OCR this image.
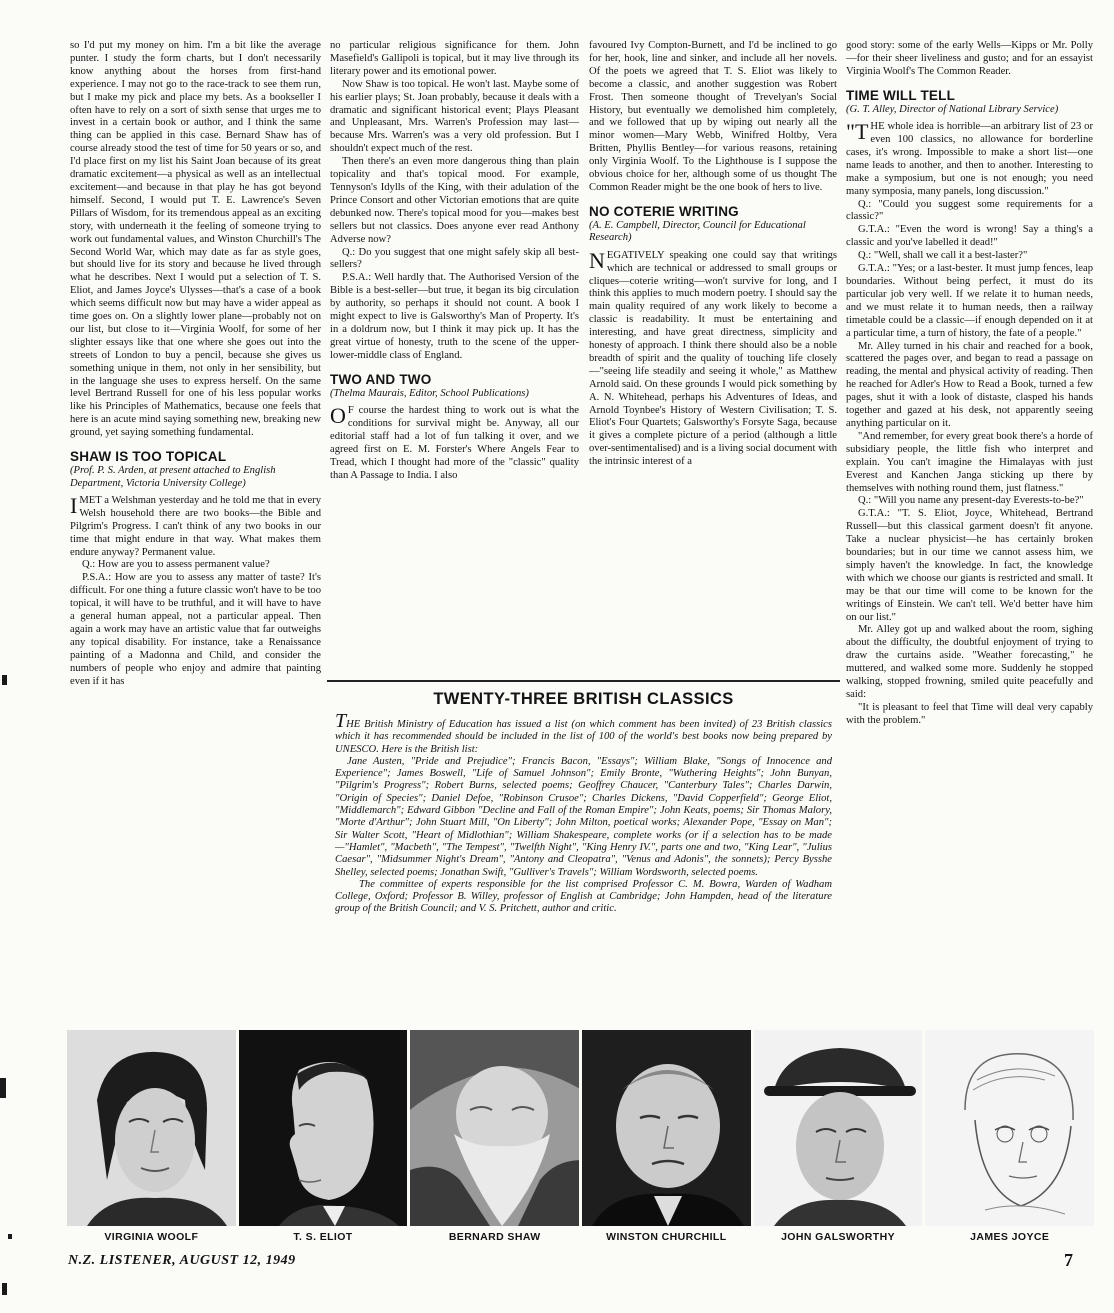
so I'd put my money on him. I'm a bit like the average punter. I study the form charts, but I don't necessarily know anything about the horses from first-hand experience. I may not go to the race-track to see them run, but I make my pick and place my bets. As a bookseller I often have to rely on a sort of sixth sense that urges me to invest in a certain book or author, and I think the same thing can be applied in this case. Bernard Shaw has of course already stood the test of time for 50 years or so, and I'd place first on my list his Saint Joan because of its great dramatic excitement—a physical as well as an intellectual excitement—and because in that play he has got beyond himself. Second, I would put T. E. Lawrence's Seven Pillars of Wisdom, for its tremendous appeal as an exciting story, with underneath it the feeling of someone trying to work out fundamental values, and Winston Churchill's The Second World War, which may date as far as style goes, but should live for its story and because he lived through what he describes. Next I would put a selection of T. S. Eliot, and James Joyce's Ulysses—that's a case of a book which seems difficult now but may have a wider appeal as time goes on. On a slightly lower plane—probably not on our list, but close to it—Virginia Woolf, for some of her slighter essays like that one where she goes out into the streets of London to buy a pencil, because she gives us something unique in them, not only in her sensibility, but in the language she uses to express herself. On the same level Bertrand Russell for one of his less popular works like his Principles of Mathematics, because one feels that here is an acute mind saying something new, breaking new ground, yet saying something fundamental.

SHAW IS TOO TOPICAL
(Prof. P. S. Arden, at present attached to English Department, Victoria University College)

IMET a Welshman yesterday and he told me that in every Welsh household there are two books—the Bible and Pilgrim's Progress. I can't think of any two books in our time that might endure in that way. What makes them endure anyway? Permanent value.

Q.: How are you to assess permanent value?

P.S.A.: How are you to assess any matter of taste? It's difficult. For one thing a future classic won't have to be too topical, it will have to be truthful, and it will have to have a general human appeal, not a particular appeal. Then again a work may have an artistic value that far outweighs any topical disability. For instance, take a Renaissance painting of a Madonna and Child, and consider the numbers of people who enjoy and admire that painting even if it has

no particular religious significance for them. John Masefield's Gallipoli is topical, but it may live through its literary power and its emotional power.

Now Shaw is too topical. He won't last. Maybe some of his earlier plays; St. Joan probably, because it deals with a dramatic and significant historical event; Plays Pleasant and Unpleasant, Mrs. Warren's Profession may last—because Mrs. Warren's was a very old profession. But I shouldn't expect much of the rest.

Then there's an even more dangerous thing than plain topicality and that's topical mood. For example, Tennyson's Idylls of the King, with their adulation of the Prince Consort and other Victorian emotions that are quite debunked now. There's topical mood for you—makes best sellers but not classics. Does anyone ever read Anthony Adverse now?

Q.: Do you suggest that one might safely skip all best-sellers?

P.S.A.: Well hardly that. The Authorised Version of the Bible is a best-seller—but true, it began its big circulation by authority, so perhaps it should not count. A book I might expect to live is Galsworthy's Man of Property. It's in a doldrum now, but I think it may pick up. It has the great virtue of honesty, truth to the scene of the upper-lower-middle class of England.

TWO AND TWO
(Thelma Maurais, Editor, School Publications)

OF course the hardest thing to work out is what the conditions for survival might be. Anyway, all our editorial staff had a lot of fun talking it over, and we agreed first on E. M. Forster's Where Angels Fear to Tread, which I thought had more of the "classic" quality than A Passage to India. I also

favoured Ivy Compton-Burnett, and I'd be inclined to go for her, hook, line and sinker, and include all her novels. Of the poets we agreed that T. S. Eliot was likely to become a classic, and another suggestion was Robert Frost. Then someone thought of Trevelyan's Social History, but eventually we demolished him completely, and we followed that up by wiping out nearly all the minor women—Mary Webb, Winifred Holtby, Vera Britten, Phyllis Bentley—for various reasons, retaining only Virginia Woolf. To the Lighthouse is I suppose the obvious choice for her, although some of us thought The Common Reader might be the one book of hers to live.

NO COTERIE WRITING
(A. E. Campbell, Director, Council for Educational Research)

NEGATIVELY speaking one could say that writings which are technical or addressed to small groups or cliques—coterie writing—won't survive for long, and I think this applies to much modern poetry. I should say the main quality required of any work likely to become a classic is readability. It must be entertaining and interesting, and have great directness, simplicity and honesty of approach. I think there should also be a noble breadth of spirit and the quality of touching life closely—"seeing life steadily and seeing it whole," as Matthew Arnold said. On these grounds I would pick something by A. N. Whitehead, perhaps his Adventures of Ideas, and Arnold Toynbee's History of Western Civilisation; T. S. Eliot's Four Quartets; Galsworthy's Forsyte Saga, because it gives a complete picture of a period (although a little over-sentimentalised) and is a living social document with the intrinsic interest of a

good story: some of the early Wells—Kipps or Mr. Polly—for their sheer liveliness and gusto; and for an essayist Virginia Woolf's The Common Reader.

TIME WILL TELL
(G. T. Alley, Director of National Library Service)

"THE whole idea is horrible—an arbitrary list of 23 or even 100 classics, no allowance for borderline cases, it's wrong. Impossible to make a short list—one name leads to another, and then to another. Interesting to make a symposium, but one is not enough; you need many symposia, many panels, long discussion."

Q.: "Could you suggest some requirements for a classic?"

G.T.A.: "Even the word is wrong! Say a thing's a classic and you've labelled it dead!"

Q.: "Well, shall we call it a best-laster?"

G.T.A.: "Yes; or a last-bester. It must jump fences, leap boundaries. Without being perfect, it must do its particular job very well. If we relate it to human needs, and we must relate it to human needs, then a railway timetable could be a classic—if enough depended on it at a particular time, a turn of history, the fate of a people."

Mr. Alley turned in his chair and reached for a book, scattered the pages over, and began to read a passage on reading, the mental and physical activity of reading. Then he reached for Adler's How to Read a Book, turned a few pages, shut it with a look of distaste, clasped his hands together and gazed at his desk, not apparently seeing anything particular on it.

"And remember, for every great book there's a horde of subsidiary people, the little fish who interpret and explain. You can't imagine the Himalayas with just Everest and Kanchen Janga sticking up there by themselves with nothing round them, just flatness."

Q.: "Will you name any present-day Everests-to-be?"

G.T.A.: "T. S. Eliot, Joyce, Whitehead, Bertrand Russell—but this classical garment doesn't fit anyone. Take a nuclear physicist—he has certainly broken boundaries; but in our time we cannot assess him, we simply haven't the knowledge. In fact, the knowledge with which we choose our giants is restricted and small. It may be that our time will come to be known for the writings of Einstein. We can't tell. We'd better have him on our list."

Mr. Alley got up and walked about the room, sighing about the difficulty, the doubtful enjoyment of trying to draw the curtains aside. "Weather forecasting," he muttered, and walked some more. Suddenly he stopped walking, stopped frowning, smiled quite peacefully and said:

"It is pleasant to feel that Time will deal very capably with the problem."

TWENTY-THREE BRITISH CLASSICS
THE British Ministry of Education has issued a list (on which comment has been invited) of 23 British classics which it has recommended should be included in the list of 100 of the world's best books now being prepared by UNESCO. Here is the British list:
Jane Austen, "Pride and Prejudice"; Francis Bacon, "Essays"; William Blake, "Songs of Innocence and Experience"; James Boswell, "Life of Samuel Johnson"; Emily Bronte, "Wuthering Heights"; John Bunyan, "Pilgrim's Progress"; Robert Burns, selected poems; Geoffrey Chaucer, "Canterbury Tales"; Charles Darwin, "Origin of Species"; Daniel Defoe, "Robinson Crusoe"; Charles Dickens, "David Copperfield"; George Eliot, "Middlemarch"; Edward Gibbon "Decline and Fall of the Roman Empire"; John Keats, poems; Sir Thomas Malory, "Morte d'Arthur"; John Stuart Mill, "On Liberty"; John Milton, poetical works; Alexander Pope, "Essay on Man"; Sir Walter Scott, "Heart of Midlothian"; William Shakespeare, complete works (or if a selection has to be made—"Hamlet", "Macbeth", "The Tempest", "Twelfth Night", "King Henry IV.", parts one and two, "King Lear", "Julius Caesar", "Midsummer Night's Dream", "Antony and Cleopatra", "Venus and Adonis", the sonnets); Percy Bysshe Shelley, selected poems; Jonathan Swift, "Gulliver's Travels"; William Wordsworth, selected poems.
The committee of experts responsible for the list comprised Professor C. M. Bowra, Warden of Wadham College, Oxford; Professor B. Willey, professor of English at Cambridge; John Hampden, head of the literature group of the British Council; and V. S. Pritchett, author and critic.
VIRGINIA WOOLF	T. S. ELIOT	BERNARD SHAW	WINSTON CHURCHILL	JOHN GALSWORTHY	JAMES JOYCE
N.Z. LISTENER, AUGUST 12, 1949	7
